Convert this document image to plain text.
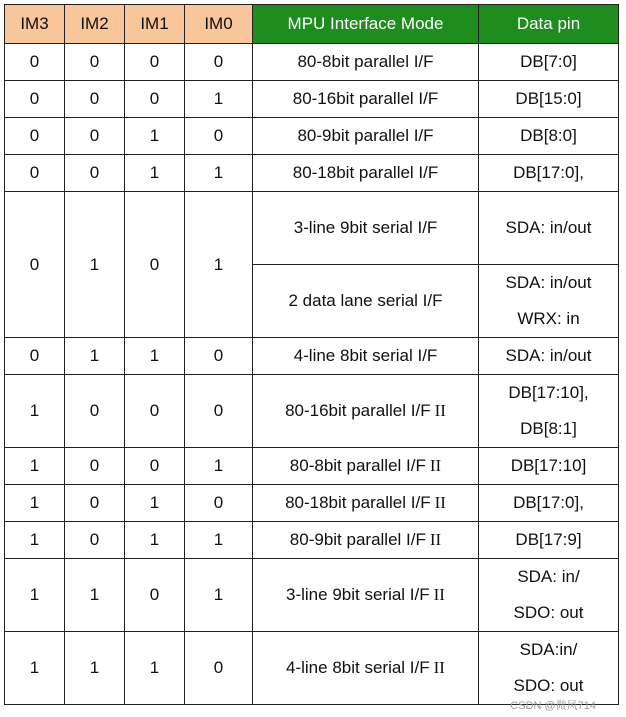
IM3	IM2	IM1	IM0	MPU Interface Mode	Data pin
0	0	0	0	80-8bit parallel I/F	DB[7:0]

0	0	0	1	80-16bit parallel I/F	DB[15:0]

0	0	1	0	80-9bit parallel I/F	DB[8:0]

0	0	1	1	80-18bit parallel I/F	DB[17:0],

0	1	0	1	3-line 9bit serial I/F	SDA: in/out

				2 data lane serial I/F	SDA: in/out
WRX: in

0	1	1	0	4-line 8bit serial I/F	SDA: in/out

1	0	0	0	80-16bit parallel I/F II	DB[17:10],
DB[8:1]

1	0	0	1	80-8bit parallel I/F II	DB[17:10]

1	0	1	0	80-18bit parallel I/F II	DB[17:0],

1	0	1	1	80-9bit parallel I/F II	DB[17:9]

1	1	0	1	3-line 9bit serial I/F II	SDA: in/
SDO: out

1	1	1	0	4-line 8bit serial I/F II	SDA:in/
SDO: out
CSDN @微风714
